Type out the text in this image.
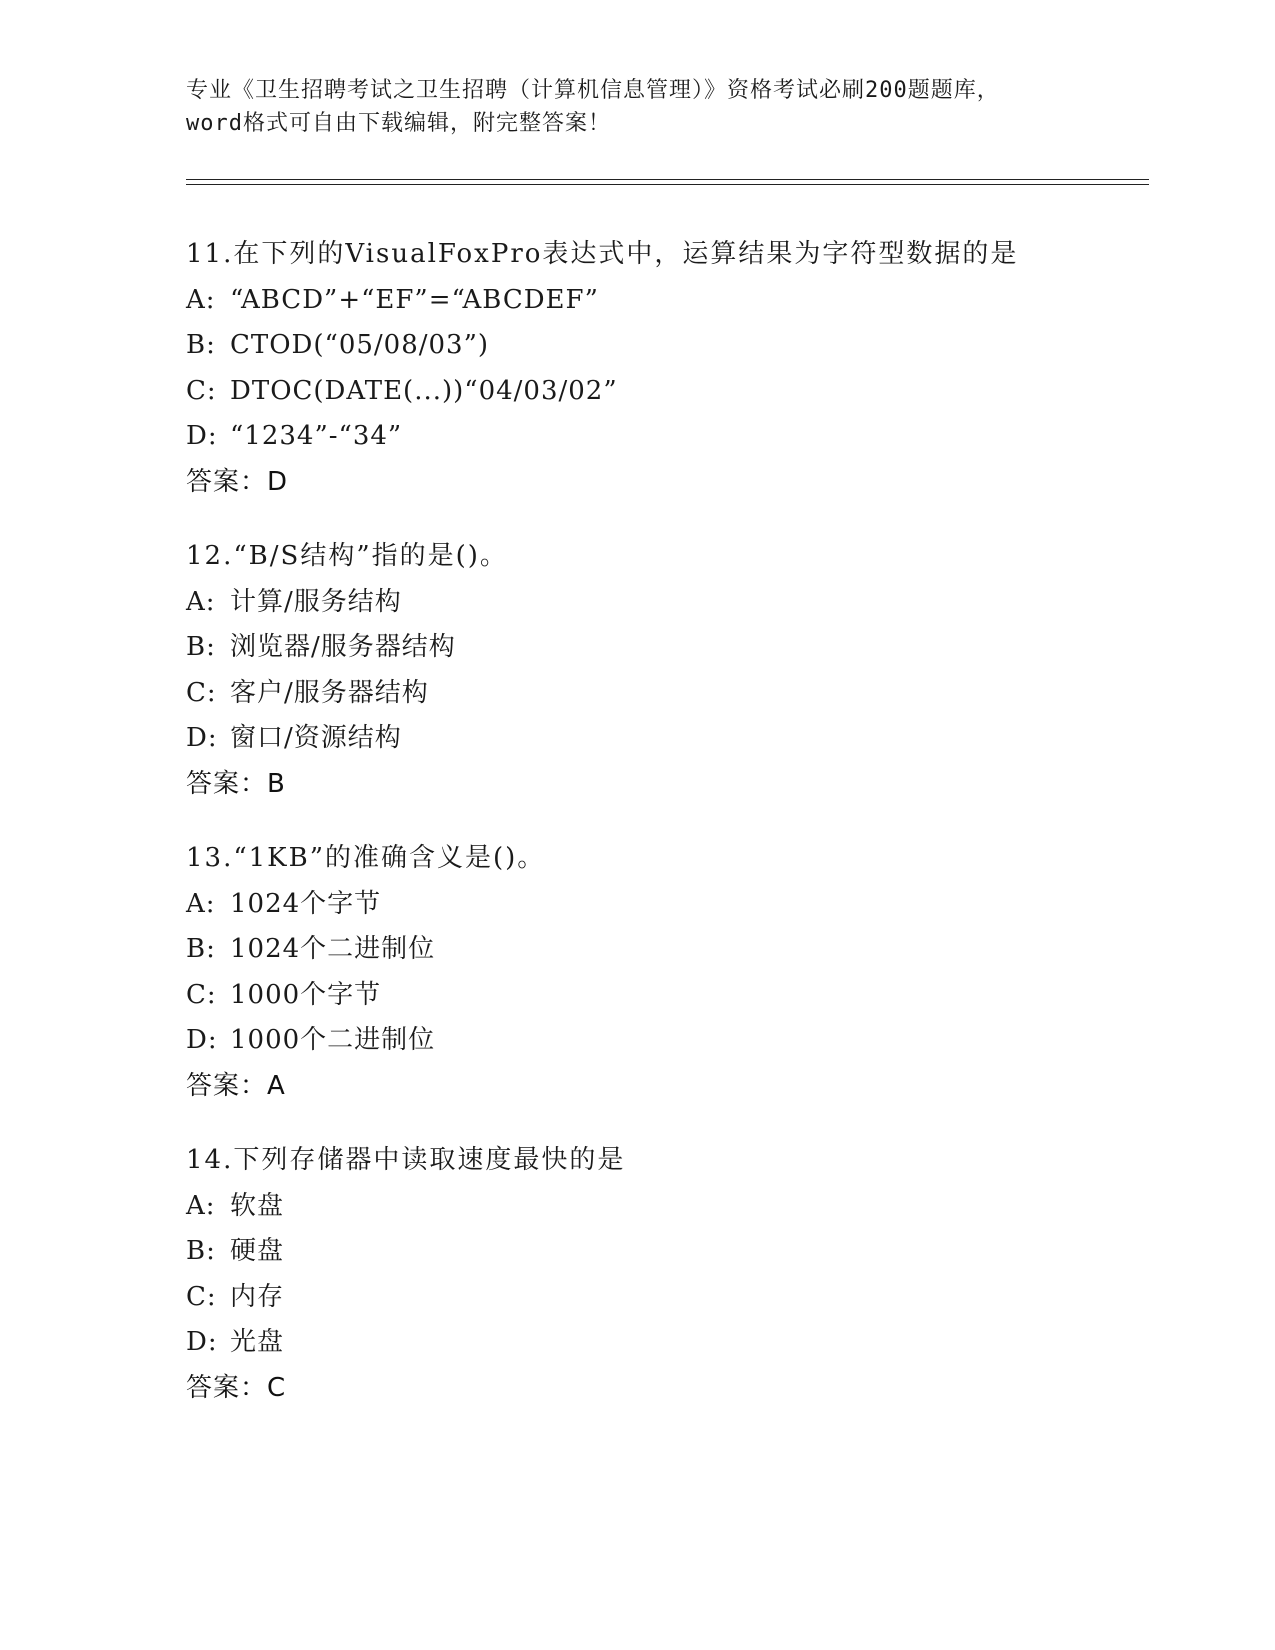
专业《卫生招聘考试之卫生招聘（计算机信息管理）》资格考试必刷200题题库，
word格式可自由下载编辑，附完整答案！
11.在下列的VisualFoxPro表达式中，运算结果为字符型数据的是
A: “ABCD”+“EF”=“ABCDEF”
B: CTOD(“05/08/03”)
C: DTOC(DATE(...))“04/03/02”
D: “1234”-“34”
答案：D
12.“B/S结构”指的是()。
A: 计算/服务结构
B: 浏览器/服务器结构
C: 客户/服务器结构
D: 窗口/资源结构
答案：B
13.“1KB”的准确含义是()。
A: 1024个字节
B: 1024个二进制位
C: 1000个字节
D: 1000个二进制位
答案：A
14.下列存储器中读取速度最快的是
A: 软盘
B: 硬盘
C: 内存
D: 光盘
答案：C
